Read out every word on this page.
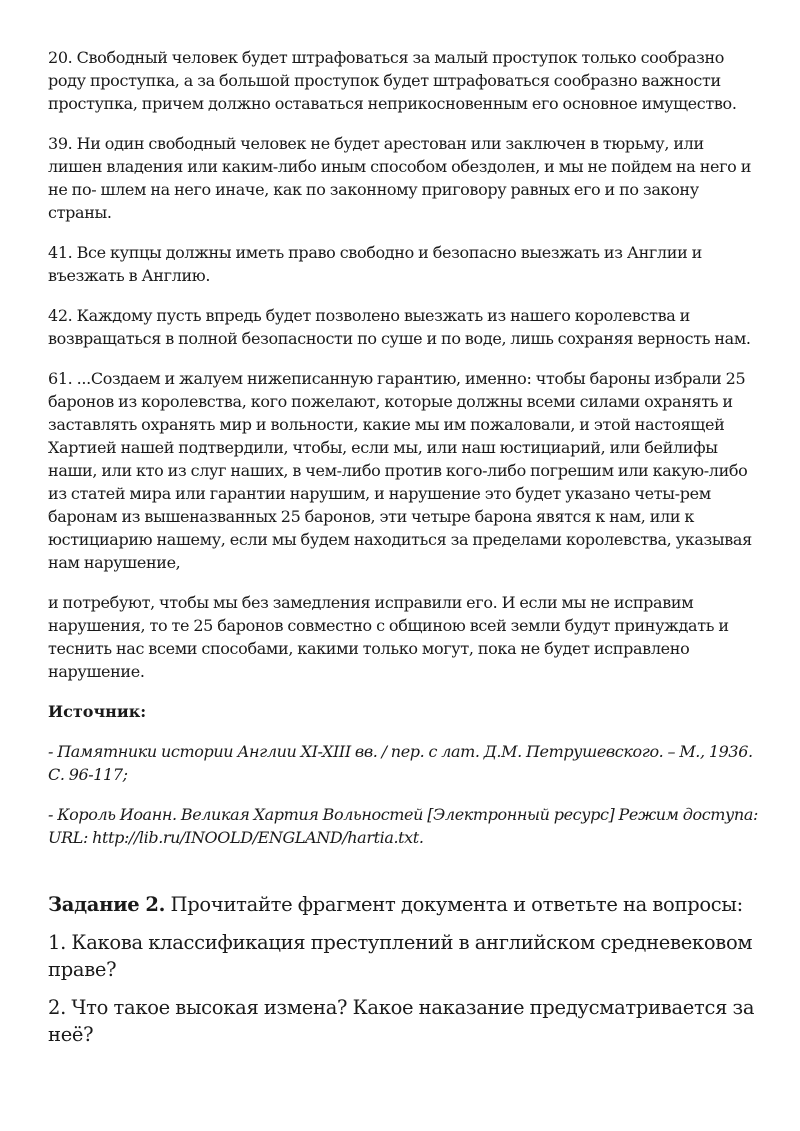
20. Свободный человек будет штрафоваться за малый проступок только сообразно роду проступка, а за большой проступок будет штрафоваться сообразно важности проступка, причем должно оставаться неприкосновенным его основное имущество.

39. Ни один свободный человек не будет арестован или заключен в тюрьму, или лишен владения или каким-либо иным способом обездолен, и мы не пойдем на него и не по- шлем на него иначе, как по законному приговору равных его и по закону страны.

41. Все купцы должны иметь право свободно и безопасно выезжать из Англии и въезжать в Англию.

42. Каждому пусть впредь будет позволено выезжать из нашего королевства и возвращаться в полной безопасности по суше и по воде, лишь сохраняя верность нам.

61. ...Создаем и жалуем нижеписанную гарантию, именно: чтобы бароны избрали 25 баронов из королевства, кого пожелают, которые должны всеми силами охранять и заставлять охранять мир и вольности, какие мы им пожаловали, и этой настоящей Хартией нашей подтвердили, чтобы, если мы, или наш юстициарий, или бейлифы наши, или кто из слуг наших, в чем-либо против кого-либо погрешим или какую-либо из статей мира или гарантии нарушим, и нарушение это будет указано четы-рем баронам из вышеназванных 25 баронов, эти четыре барона явятся к нам, или к юстициарию нашему, если мы будем находиться за пределами королевства, указывая нам нарушение,

и потребуют, чтобы мы без замедления исправили его. И если мы не исправим нарушения, то те 25 баронов совместно с общиною всей земли будут принуждать и теснить нас всеми способами, какими только могут, пока не будет исправлено нарушение.

Источник:

- Памятники истории Англии XI-XIII вв. / пер. с лат. Д.М. Петрушевского. – М., 1936. С. 96-117;

- Король Иоанн. Великая Хартия Вольностей [Электронный ресурс] Режим доступа: URL: http://lib.ru/INOOLD/ENGLAND/hartia.txt.

Задание 2. Прочитайте фрагмент документа и ответьте на вопросы:

1. Какова классификация преступлений в английском средневековом праве?

2. Что такое высокая измена? Какое наказание предусматривается за неё?
